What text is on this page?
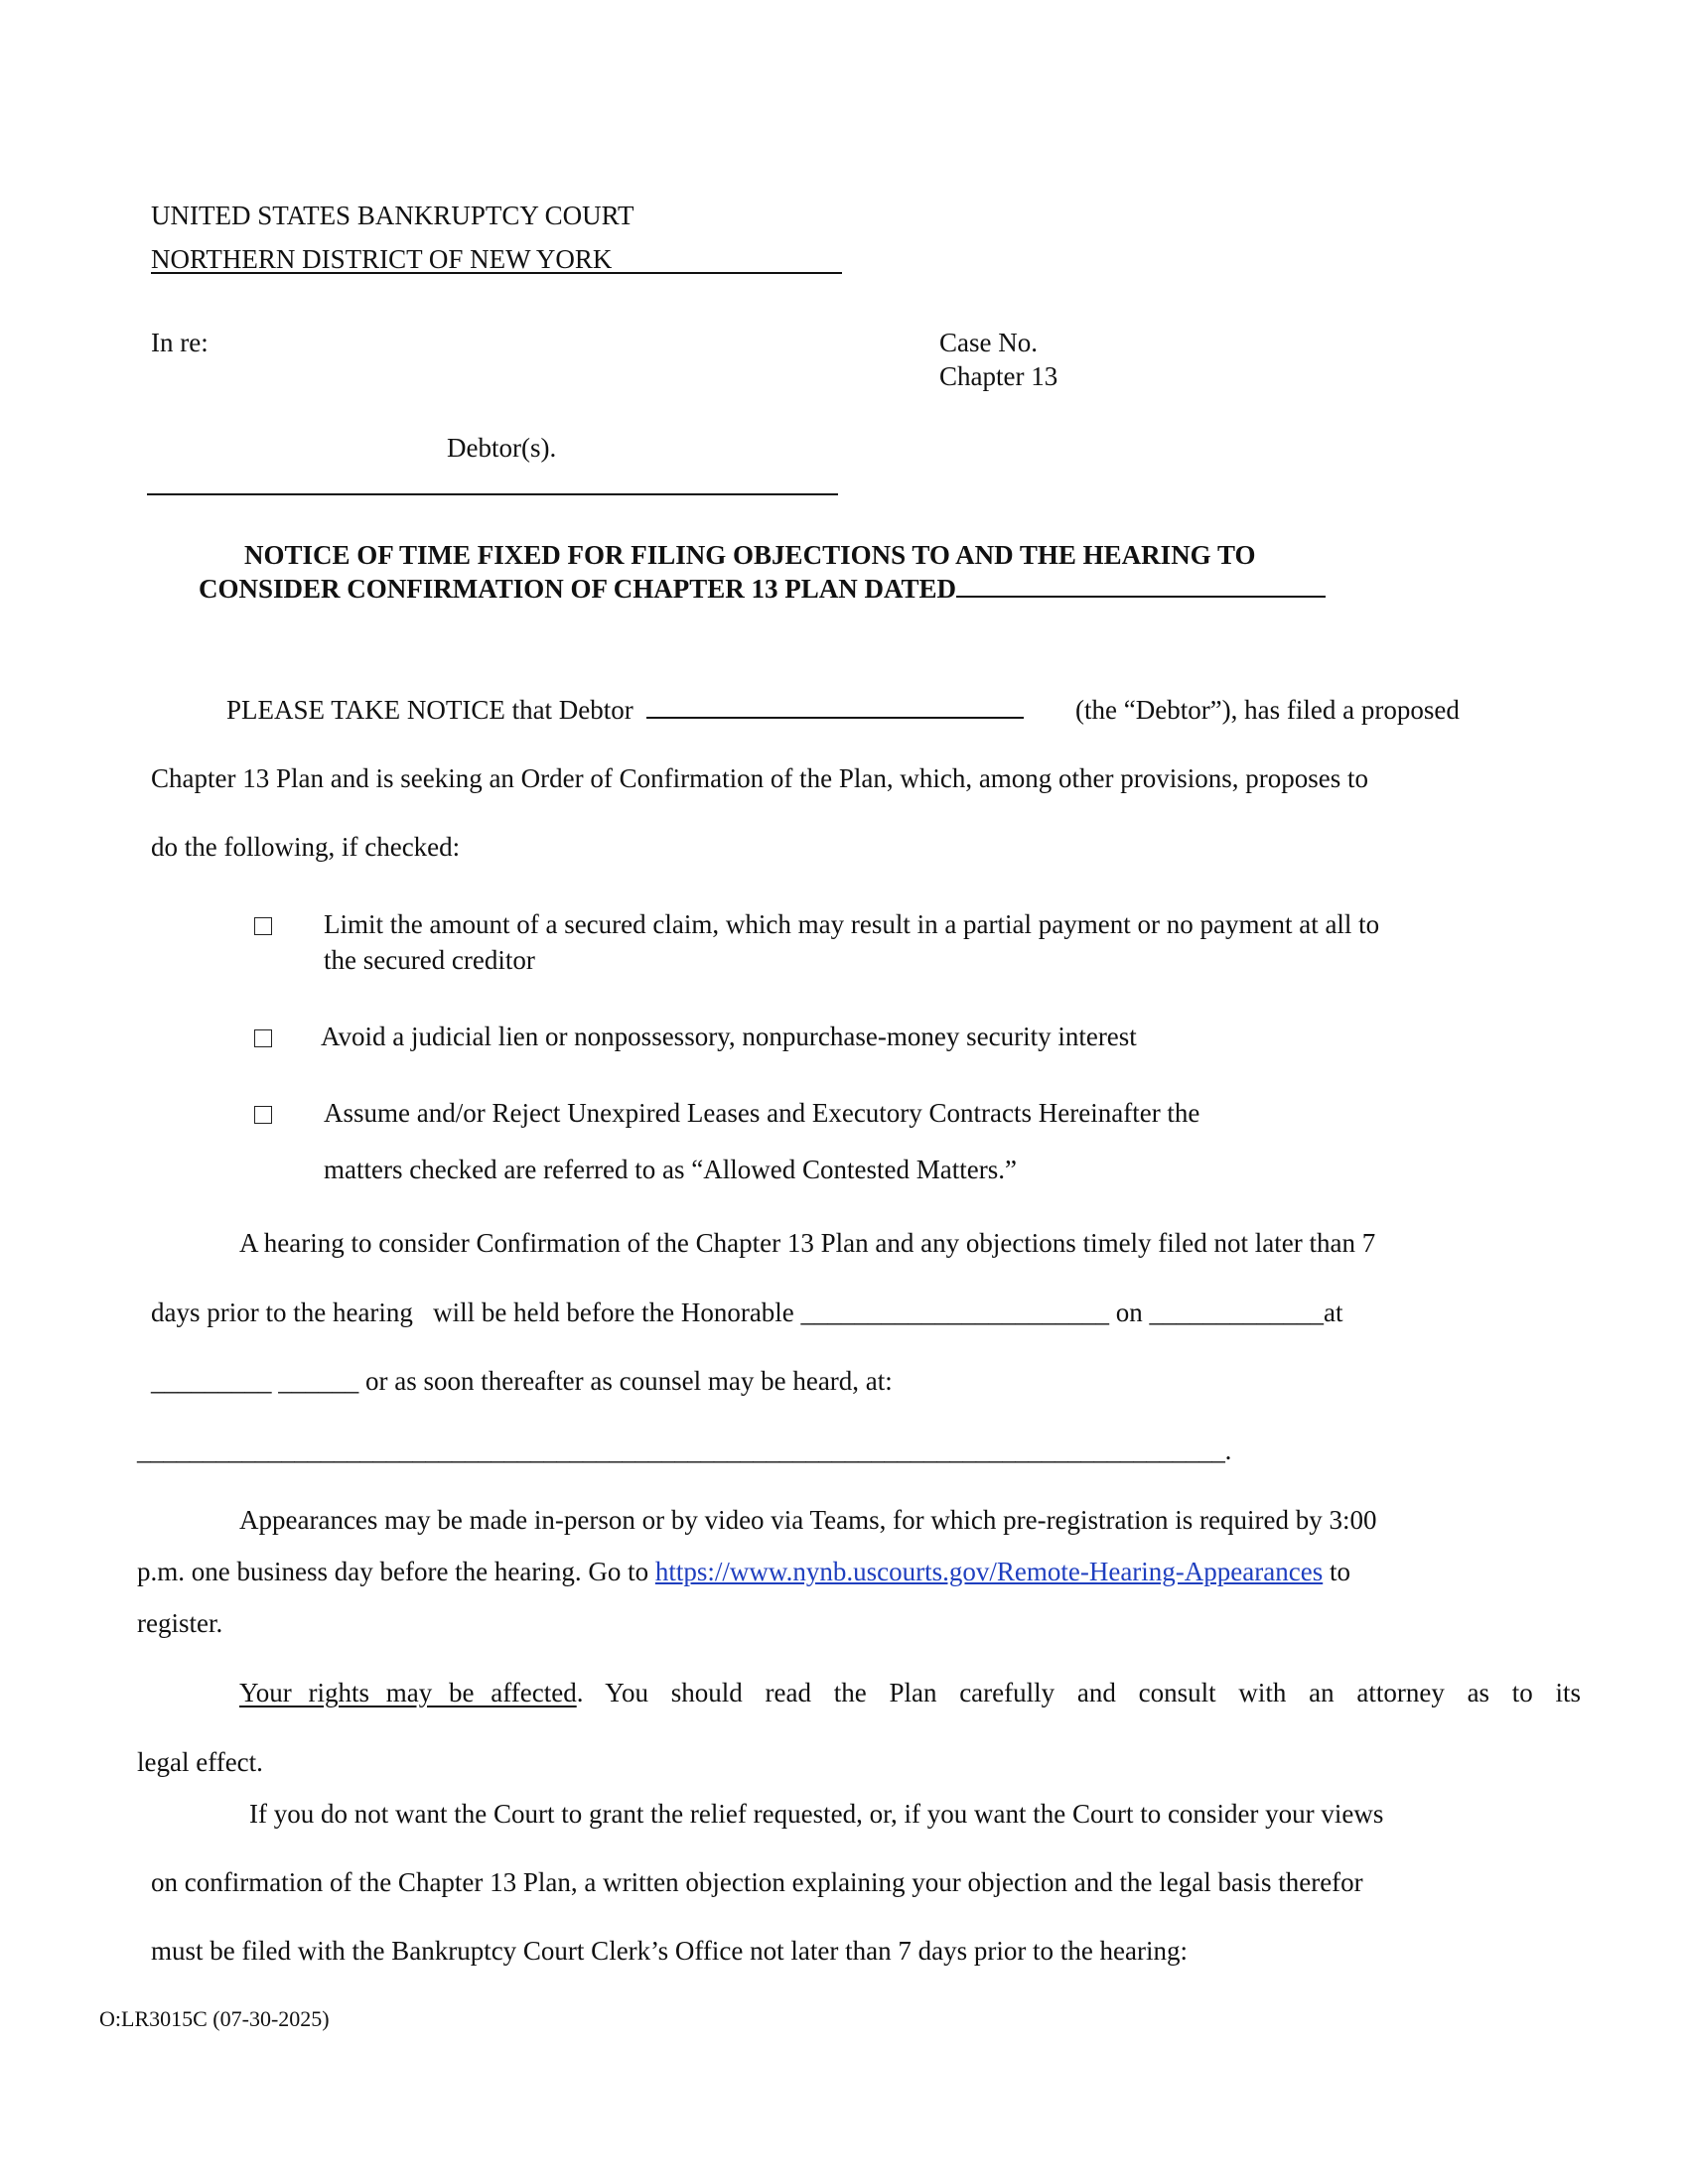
UNITED STATES BANKRUPTCY COURT
NORTHERN DISTRICT OF NEW YORK
In re:	Case No.
Chapter 13
Debtor(s).
NOTICE OF TIME FIXED FOR FILING OBJECTIONS TO AND THE HEARING TO
CONSIDER CONFIRMATION OF CHAPTER 13 PLAN DATED
PLEASE TAKE NOTICE that Debtor	(the “Debtor”), has filed a proposed
Chapter 13 Plan and is seeking an Order of Confirmation of the Plan, which, among other provisions, proposes to
do the following, if checked:
Limit the amount of a secured claim, which may result in a partial payment or no payment at all to
the secured creditor
Avoid a judicial lien or nonpossessory, nonpurchase-money security interest
Assume and/or Reject Unexpired Leases and Executory Contracts Hereinafter the
matters checked are referred to as “Allowed Contested Matters.”
A hearing to consider Confirmation of the Chapter 13 Plan and any objections timely filed not later than 7
days prior to the hearing   will be held before the Honorable _______________________ on _____________at
_________ ______ or as soon thereafter as counsel may be heard, at:
___________________________________________________________________________________.
Appearances may be made in-person or by video via Teams, for which pre-registration is required by 3:00
p.m. one business day before the hearing. Go to https://www.nynb.uscourts.gov/Remote-Hearing-Appearances to
register.
Your rights may be affected. You should read the Plan carefully and consult with an attorney as to its
legal effect.
If you do not want the Court to grant the relief requested, or, if you want the Court to consider your views
on confirmation of the Chapter 13 Plan, a written objection explaining your objection and the legal basis therefor
must be filed with the Bankruptcy Court Clerk’s Office not later than 7 days prior to the hearing:
O:LR3015C (07-30-2025)
